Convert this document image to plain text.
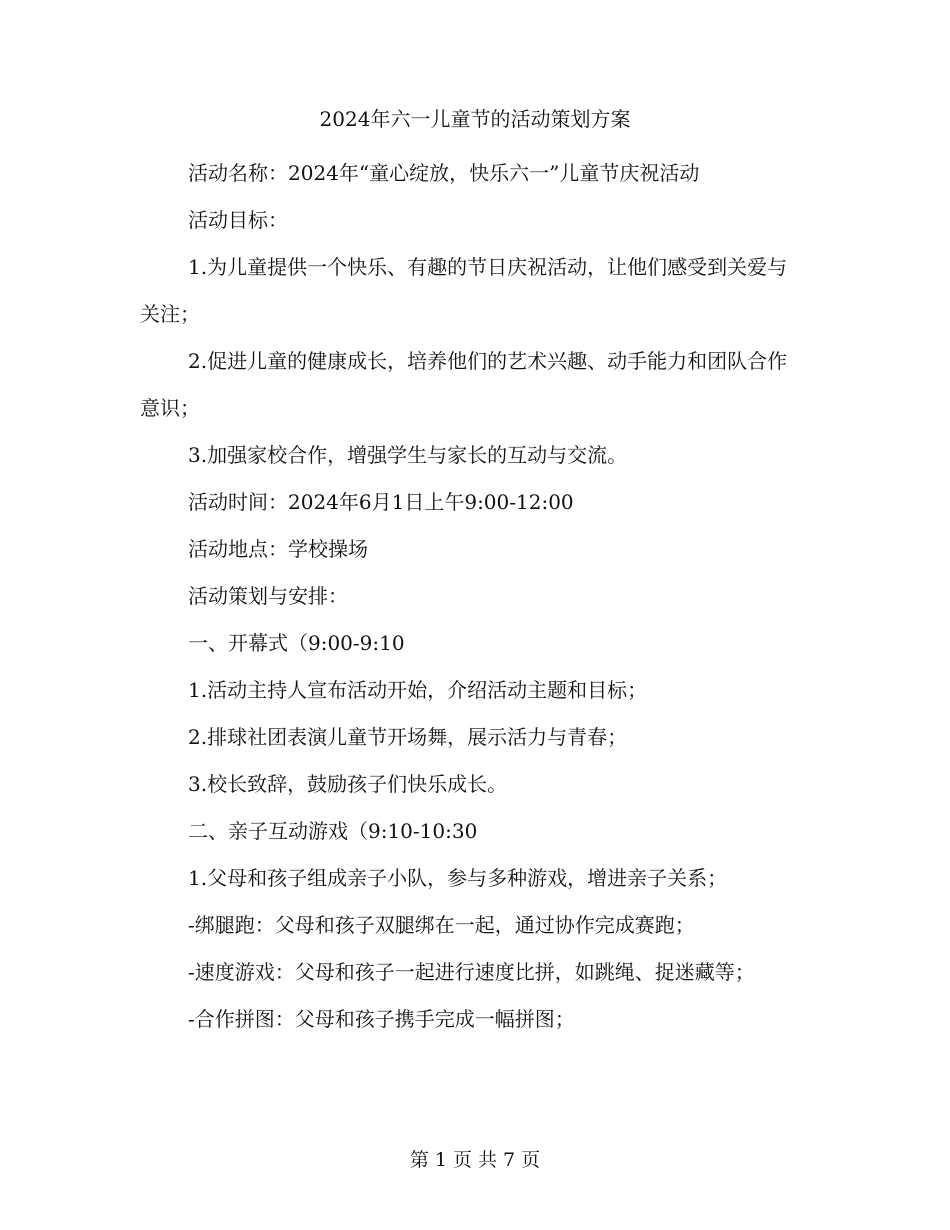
2024年六一儿童节的活动策划方案

活动名称：2024年“童心绽放，快乐六一”儿童节庆祝活动

活动目标：

1.为儿童提供一个快乐、有趣的节日庆祝活动，让他们感受到关爱与关注；

2.促进儿童的健康成长，培养他们的艺术兴趣、动手能力和团队合作意识；

3.加强家校合作，增强学生与家长的互动与交流。

活动时间：2024年6月1日上午9:00-12:00

活动地点：学校操场

活动策划与安排：

一、开幕式（9:00-9:10

1.活动主持人宣布活动开始，介绍活动主题和目标；

2.排球社团表演儿童节开场舞，展示活力与青春；

3.校长致辞，鼓励孩子们快乐成长。

二、亲子互动游戏（9:10-10:30

1.父母和孩子组成亲子小队，参与多种游戏，增进亲子关系；

-绑腿跑：父母和孩子双腿绑在一起，通过协作完成赛跑；

-速度游戏：父母和孩子一起进行速度比拼，如跳绳、捉迷藏等；

-合作拼图：父母和孩子携手完成一幅拼图；

第 1 页 共 7 页
